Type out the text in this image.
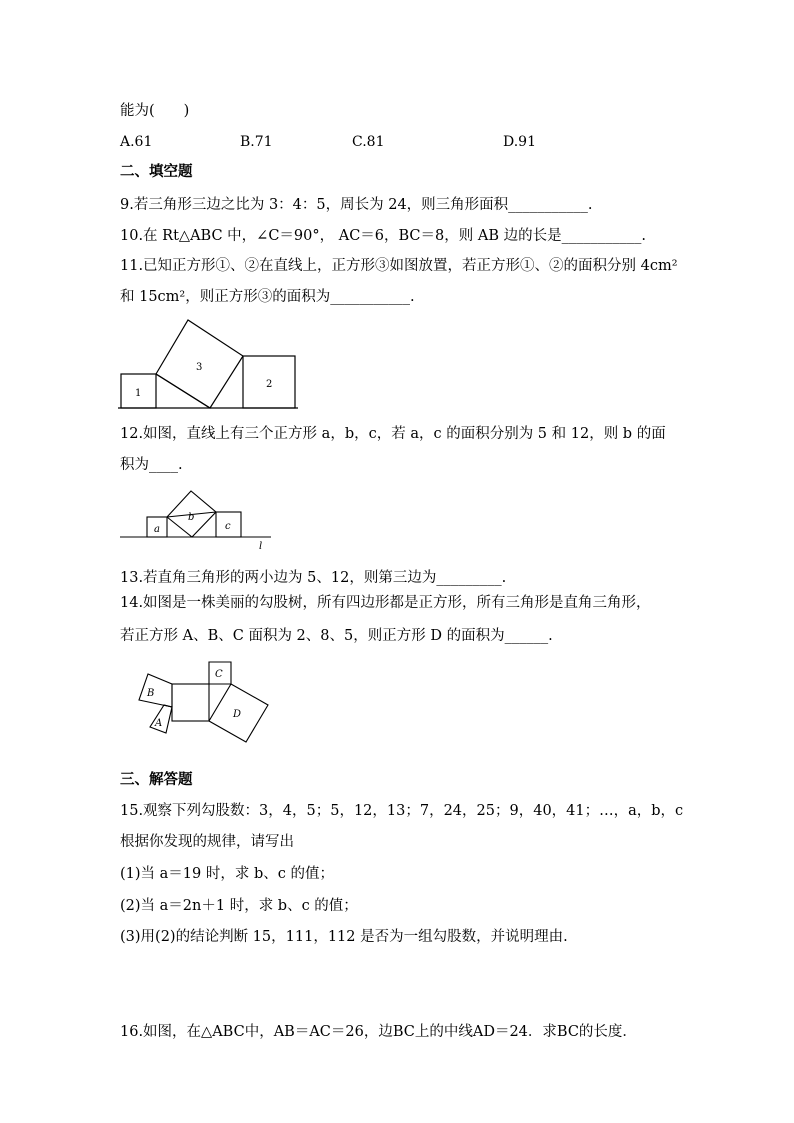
能为(　　)
A.61	B.71	C.81	D.91
二、填空题
9.若三角形三边之比为 3：4：5，周长为 24，则三角形面积___________.
10.在 Rt△ABC 中，∠C＝90°， AC＝6，BC＝8，则 AB 边的长是___________.
11.已知正方形①、②在直线上，正方形③如图放置，若正方形①、②的面积分别 4cm²
和 15cm²，则正方形③的面积为___________.
1
2
3
12.如图，直线上有三个正方形 a，b，c，若 a，c 的面积分别为 5 和 12，则 b 的面
积为____.
a
b
c
l
13.若直角三角形的两小边为 5、12，则第三边为_________.
14.如图是一株美丽的勾股树，所有四边形都是正方形，所有三角形是直角三角形，
若正方形 A、B、C 面积为 2、8、5，则正方形 D 的面积为______.
B
A
C
D
三、解答题
15.观察下列勾股数：3，4，5；5，12，13；7，24，25；9，40，41；…，a，b，c
根据你发现的规律，请写出
(1)当 a＝19 时，求 b、c 的值；
(2)当 a＝2n＋1 时，求 b、c 的值；
(3)用(2)的结论判断 15，111，112 是否为一组勾股数，并说明理由.
16.如图，在△ABC中，AB＝AC＝26，边BC上的中线AD＝24．求BC的长度．
